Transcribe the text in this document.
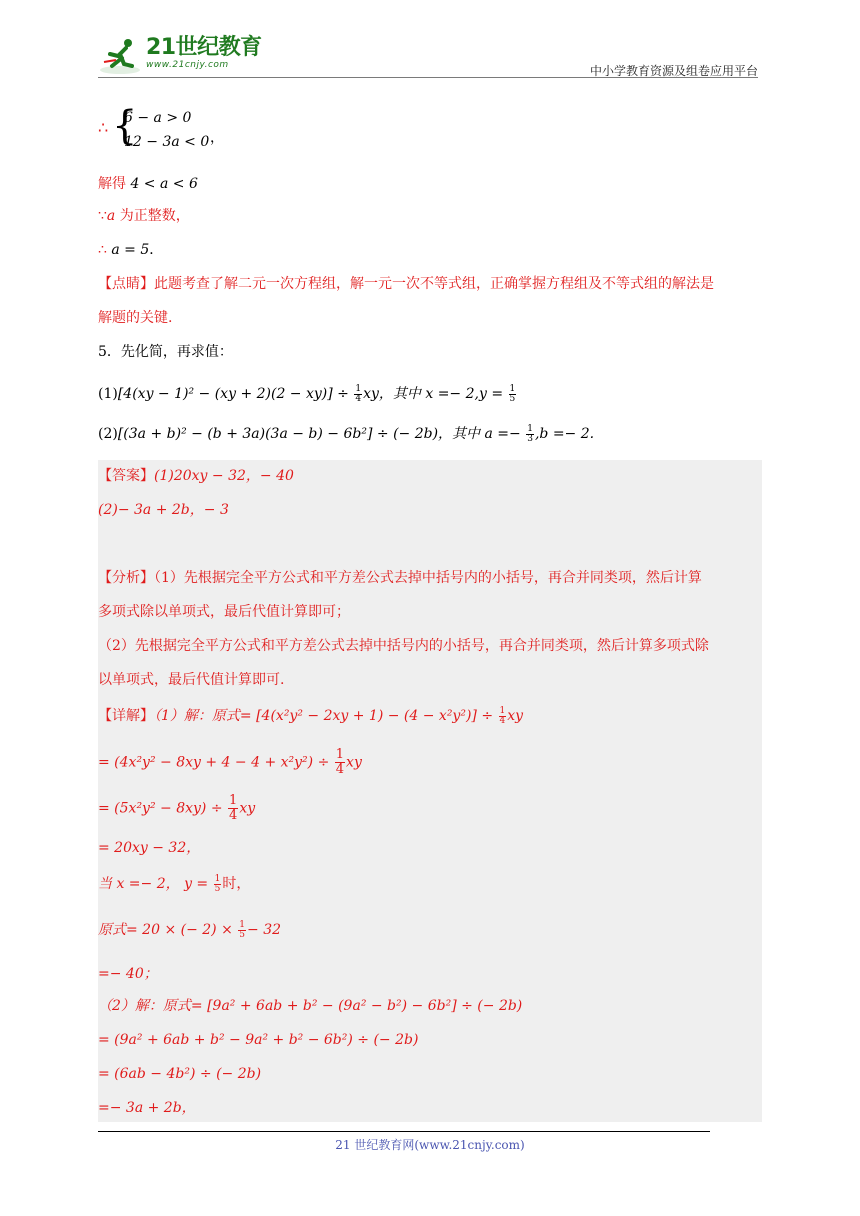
21世纪教育
www.21cnjy.com	中小学教育资源及组卷应用平台
∴ {
6 − a > 0
12 − 3a < 0 ，
解得 4 < a < 6
∵a 为正整数，
∴ a = 5．
【点睛】此题考查了解二元一次方程组，解一元一次不等式组，正确掌握方程组及不等式组的解法是
解题的关键.
5．先化简，再求值：
$(1)[4(xy - 1)^2 - (xy + 2)(2 - xy)] \div \frac{1}{4}$ xy，其中 $x =- 2,y = \frac{1}{5}$
(2)[(3a + b)² − (b + 3a)(3a − b) − 6b²] ÷ (− 2b)，其中 $a =- \frac{1}{3} ,b =- 2$.
【答案】(1)20xy − 32，− 40
(2)− 3a + 2b，− 3
【分析】（1）先根据完全平方公式和平方差公式去掉中括号内的小括号，再合并同类项，然后计算
多项式除以单项式，最后代值计算即可；
（2）先根据完全平方公式和平方差公式去掉中括号内的小括号，再合并同类项，然后计算多项式除
以单项式，最后代值计算即可.
【详解】（1）解：原式= $[4(x^2y^2 - 2xy + 1) - (4 - x^2y^2)] \div \frac{1}{4}$ xy
= $(4x^2y^2 - 8xy + 4 - 4 + x^2y^2) \div \frac{1}{4}$ xy
= $(5x^2y^2 - 8xy) \div \frac{1}{4}$ xy
= 20xy − 32，
当 x =− 2， $y = \frac{1}{5}$ 时，
原式= 20 × (− $2) \times \frac{1}{5} - 32$
=− 40；
（2）解：原式= [9a² + 6ab + b² − (9a² − b²) − 6b²] ÷ (− 2b)
= (9a² + 6ab + b² − 9a² + b² − 6b²) ÷ (− 2b)
= (6ab − 4b²) ÷ (− 2b)
=− 3a + 2b，
21 世纪教育网(www.21cnjy.com)
